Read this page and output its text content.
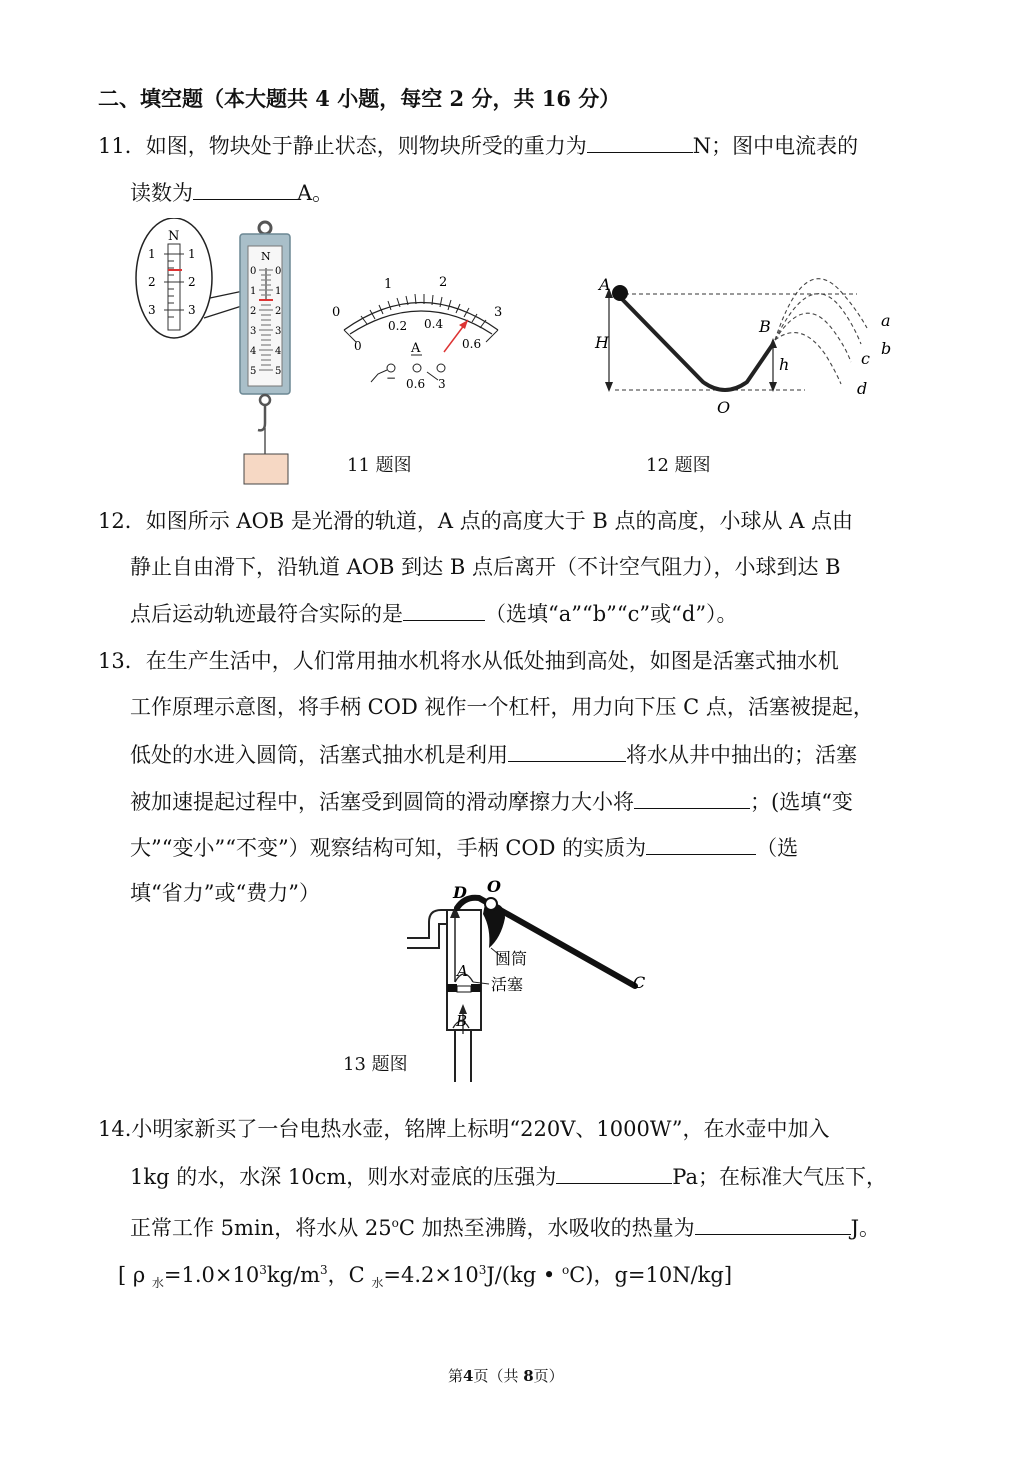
二、填空题（本大题共 4 小题，每空 2 分，共 16 分）
11．如图，物块处于静止状态，则物块所受的重力为	N；图中电流表的
读数为	A。
N
1	1
2	2
3	3
N
0 0
1 1
2 2
3 3
4 4
5 5
0
1	2
3
0
0.2 0.4
0.6
A
− 0.6 3
11 题图
A
H
B
h
O
a
b
c
d
12 题图
12．如图所示 AOB 是光滑的轨道，A 点的高度大于 B 点的高度，小球从 A 点由
静止自由滑下，沿轨道 AOB 到达 B 点后离开（不计空气阻力），小球到达 B
点后运动轨迹最符合实际的是	（选填“a”“b”“c”或“d”）。
13．在生产生活中，人们常用抽水机将水从低处抽到高处，如图是活塞式抽水机
工作原理示意图，将手柄 COD 视作一个杠杆，用力向下压 C 点，活塞被提起，
低处的水进入圆筒，活塞式抽水机是利用	将水从井中抽出的；活塞
被加速提起过程中，活塞受到圆筒的滑动摩擦力大小将	；(选填“变
大”“变小”“不变”）观察结构可知，手柄 COD 的实质为	（选
填“省力”或“费力”）	D O
C
A
B
圆筒
活塞
13 题图
14.小明家新买了一台电热水壶，铭牌上标明“220V、1000W”，在水壶中加入
1kg 的水，水深 10cm，则水对壶底的压强为	Pa；在标准大气压下，
正常工作 5min，将水从 25$^o$C 加热至沸腾，水吸收的热量为	J。
[ ρ $_水=1.0\times 10^3kg/m^3$，C $_水=4.2\times 10^3J/(kg$ • $^o$C)，g=10N/kg]
第4页（共 8页）
